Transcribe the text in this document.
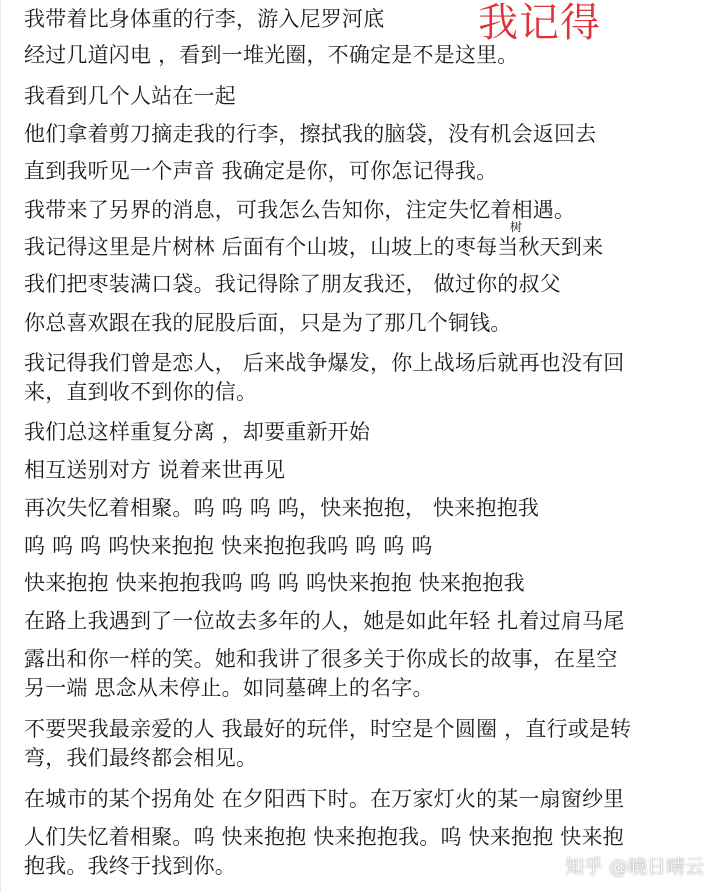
我记得
我带着比身体重的行李，游入尼罗河底
经过几道闪电 ，看到一堆光圈，不确定是不是这里。
我看到几个人站在一起
他们拿着剪刀摘走我的行李，擦拭我的脑袋，没有机会返回去
直到我听见一个声音 我确定是你，可你怎记得我。
我带来了另界的消息，可我怎么告知你，注定失忆着相遇。
树
我记得这里是片树林 后面有个山坡，山坡上的枣每当秋天到来
我们把枣装满口袋。我记得除了朋友我还， 做过你的叔父
你总喜欢跟在我的屁股后面，只是为了那几个铜钱。
我记得我们曾是恋人， 后来战争爆发，你上战场后就再也没有回
来，直到收不到你的信。
我们总这样重复分离 ，却要重新开始
相互送别对方 说着来世再见
再次失忆着相聚。呜 呜 呜 呜，快来抱抱， 快来抱抱我
呜 呜 呜 呜快来抱抱 快来抱抱我呜 呜 呜 呜
快来抱抱 快来抱抱我呜 呜 呜 呜快来抱抱 快来抱抱我
在路上我遇到了一位故去多年的人，她是如此年轻 扎着过肩马尾
露出和你一样的笑。她和我讲了很多关于你成长的故事，在星空
另一端 思念从未停止。如同墓碑上的名字。
不要哭我最亲爱的人 我最好的玩伴，时空是个圆圈 ，直行或是转
弯，我们最终都会相见。
在城市的某个拐角处 在夕阳西下时。在万家灯火的某一扇窗纱里
人们失忆着相聚。呜 快来抱抱 快来抱抱我。呜 快来抱抱 快来抱
抱我。我终于找到你。	知乎 @曉日晴云
